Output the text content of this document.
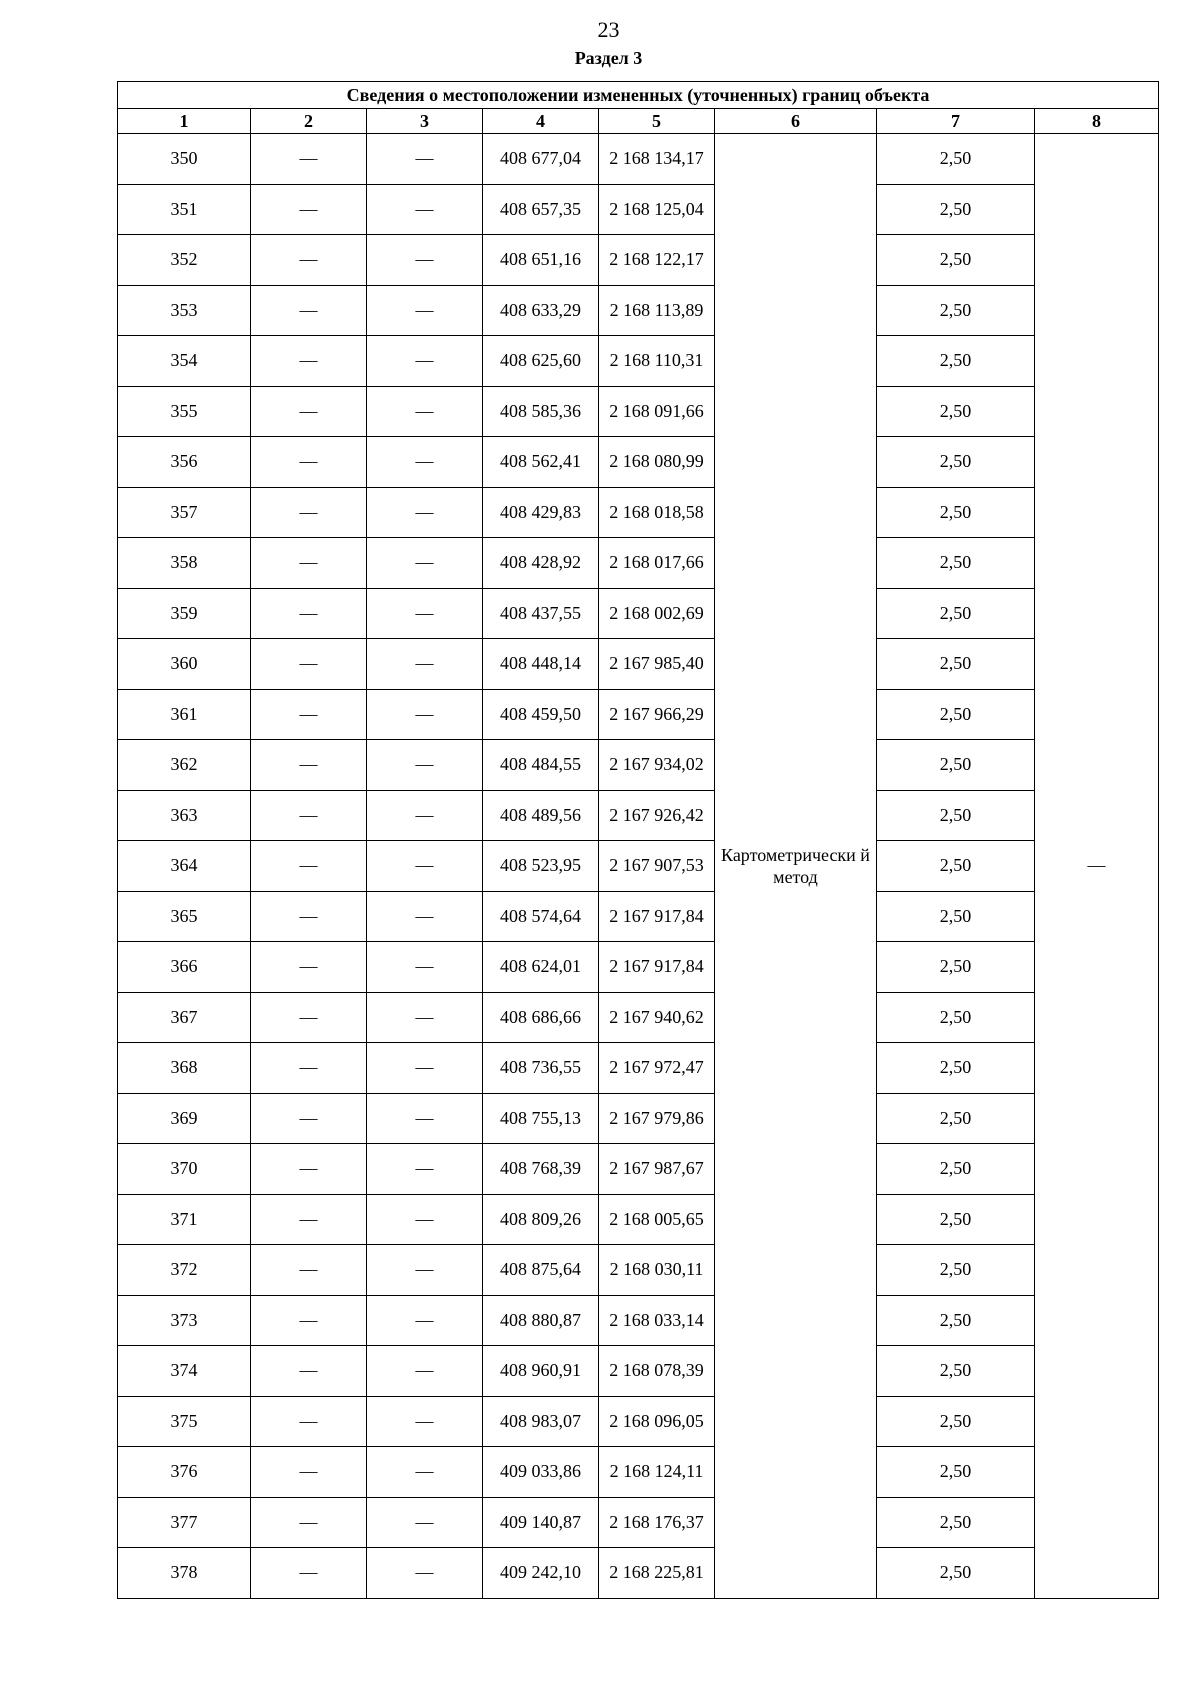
23
Раздел 3
Сведения о местоположении измененных (уточненных) границ объекта							
1	2	3	4	5	6	7	8
350	—	—	408 677,04	2 168 134,17	Картометрически й метод	2,50	—
351	—	—	408 657,35	2 168 125,04		2,50	
352	—	—	408 651,16	2 168 122,17		2,50	
353	—	—	408 633,29	2 168 113,89		2,50	
354	—	—	408 625,60	2 168 110,31		2,50	
355	—	—	408 585,36	2 168 091,66		2,50	
356	—	—	408 562,41	2 168 080,99		2,50	
357	—	—	408 429,83	2 168 018,58		2,50	
358	—	—	408 428,92	2 168 017,66		2,50	
359	—	—	408 437,55	2 168 002,69		2,50	
360	—	—	408 448,14	2 167 985,40		2,50	
361	—	—	408 459,50	2 167 966,29		2,50	
362	—	—	408 484,55	2 167 934,02		2,50	
363	—	—	408 489,56	2 167 926,42		2,50	
364	—	—	408 523,95	2 167 907,53		2,50	
365	—	—	408 574,64	2 167 917,84		2,50	
366	—	—	408 624,01	2 167 917,84		2,50	
367	—	—	408 686,66	2 167 940,62		2,50	
368	—	—	408 736,55	2 167 972,47		2,50	
369	—	—	408 755,13	2 167 979,86		2,50	
370	—	—	408 768,39	2 167 987,67		2,50	
371	—	—	408 809,26	2 168 005,65		2,50	
372	—	—	408 875,64	2 168 030,11		2,50	
373	—	—	408 880,87	2 168 033,14		2,50	
374	—	—	408 960,91	2 168 078,39		2,50	
375	—	—	408 983,07	2 168 096,05		2,50	
376	—	—	409 033,86	2 168 124,11		2,50	
377	—	—	409 140,87	2 168 176,37		2,50	
378	—	—	409 242,10	2 168 225,81		2,50	
